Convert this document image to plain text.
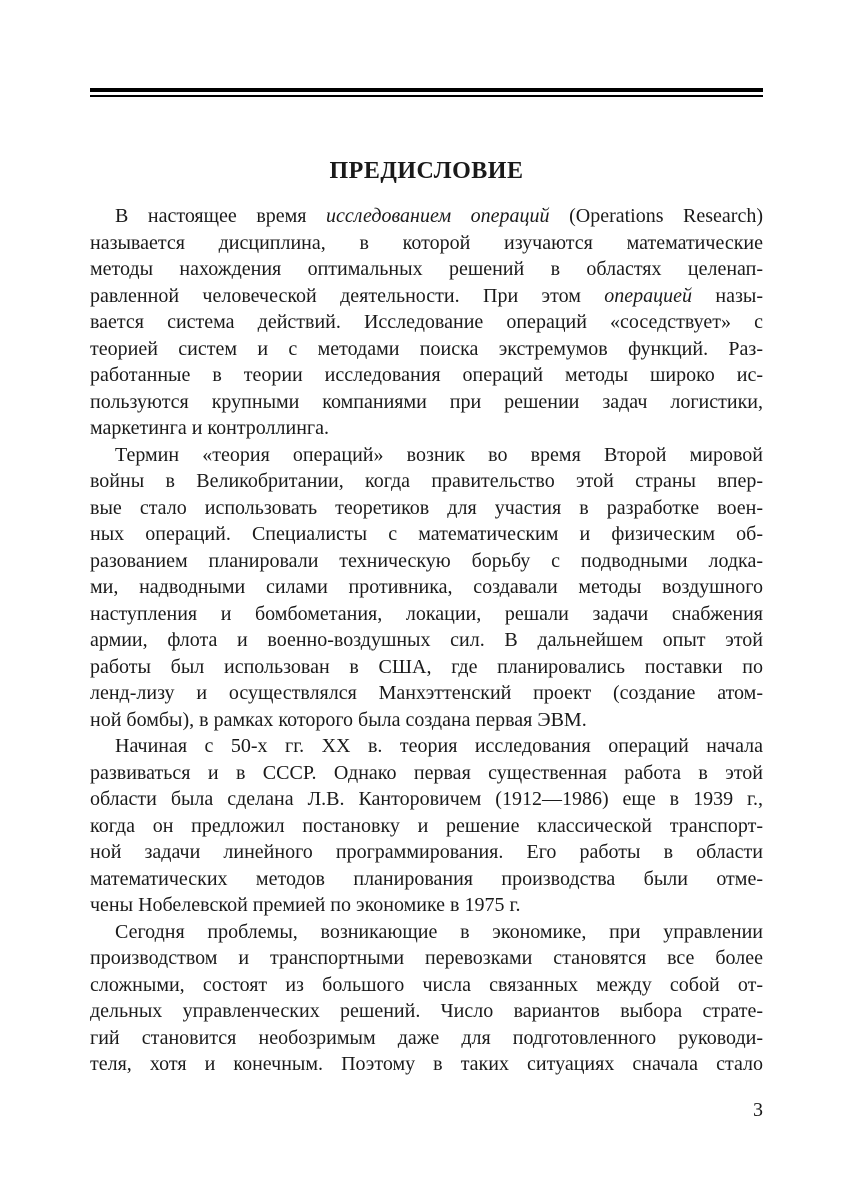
ПРЕДИСЛОВИЕ
В настоящее время исследованием операций (Operations Research)
называется дисциплина, в которой изучаются математические
методы нахождения оптимальных решений в областях целенап-
равленной человеческой деятельности. При этом операцией назы-
вается система действий. Исследование операций «соседствует» с
теорией систем и с методами поиска экстремумов функций. Раз-
работанные в теории исследования операций методы широко ис-
пользуются крупными компаниями при решении задач логистики,
маркетинга и контроллинга.
Термин «теория операций» возник во время Второй мировой
войны в Великобритании, когда правительство этой страны впер-
вые стало использовать теоретиков для участия в разработке воен-
ных операций. Специалисты с математическим и физическим об-
разованием планировали техническую борьбу с подводными лодка-
ми, надводными силами противника, создавали методы воздушного
наступления и бомбометания, локации, решали задачи снабжения
армии, флота и военно-воздушных сил. В дальнейшем опыт этой
работы был использован в США, где планировались поставки по
ленд-лизу и осуществлялся Манхэттенский проект (создание атом-
ной бомбы), в рамках которого была создана первая ЭВМ.
Начиная с 50-х гг. XX в. теория исследования операций начала
развиваться и в СССР. Однако первая существенная работа в этой
области была сделана Л.В. Канторовичем (1912—1986) еще в 1939 г.,
когда он предложил постановку и решение классической транспорт-
ной задачи линейного программирования. Его работы в области
математических методов планирования производства были отме-
чены Нобелевской премией по экономике в 1975 г.
Сегодня проблемы, возникающие в экономике, при управлении
производством и транспортными перевозками становятся все более
сложными, состоят из большого числа связанных между собой от-
дельных управленческих решений. Число вариантов выбора страте-
гий становится необозримым даже для подготовленного руководи-
теля, хотя и конечным. Поэтому в таких ситуациях сначала стало
3
